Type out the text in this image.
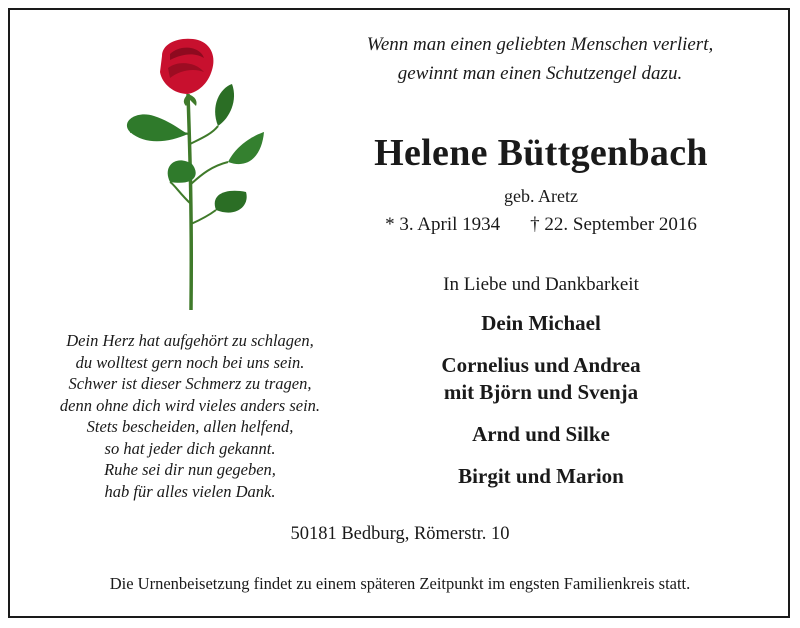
Wenn man einen geliebten Menschen verliert,
gewinnt man einen Schutzengel dazu.
Helene Büttgenbach
geb. Aretz
* 3. April 1934 † 22. September 2016
In Liebe und Dankbarkeit
Dein Michael
Cornelius und Andrea
mit Björn und Svenja
Arnd und Silke
Birgit und Marion
Dein Herz hat aufgehört zu schlagen,
du wolltest gern noch bei uns sein.
Schwer ist dieser Schmerz zu tragen,
denn ohne dich wird vieles anders sein.
Stets bescheiden, allen helfend,
so hat jeder dich gekannt.
Ruhe sei dir nun gegeben,
hab für alles vielen Dank.
50181 Bedburg, Römerstr. 10
Die Urnenbeisetzung findet zu einem späteren Zeitpunkt im engsten Familienkreis statt.
